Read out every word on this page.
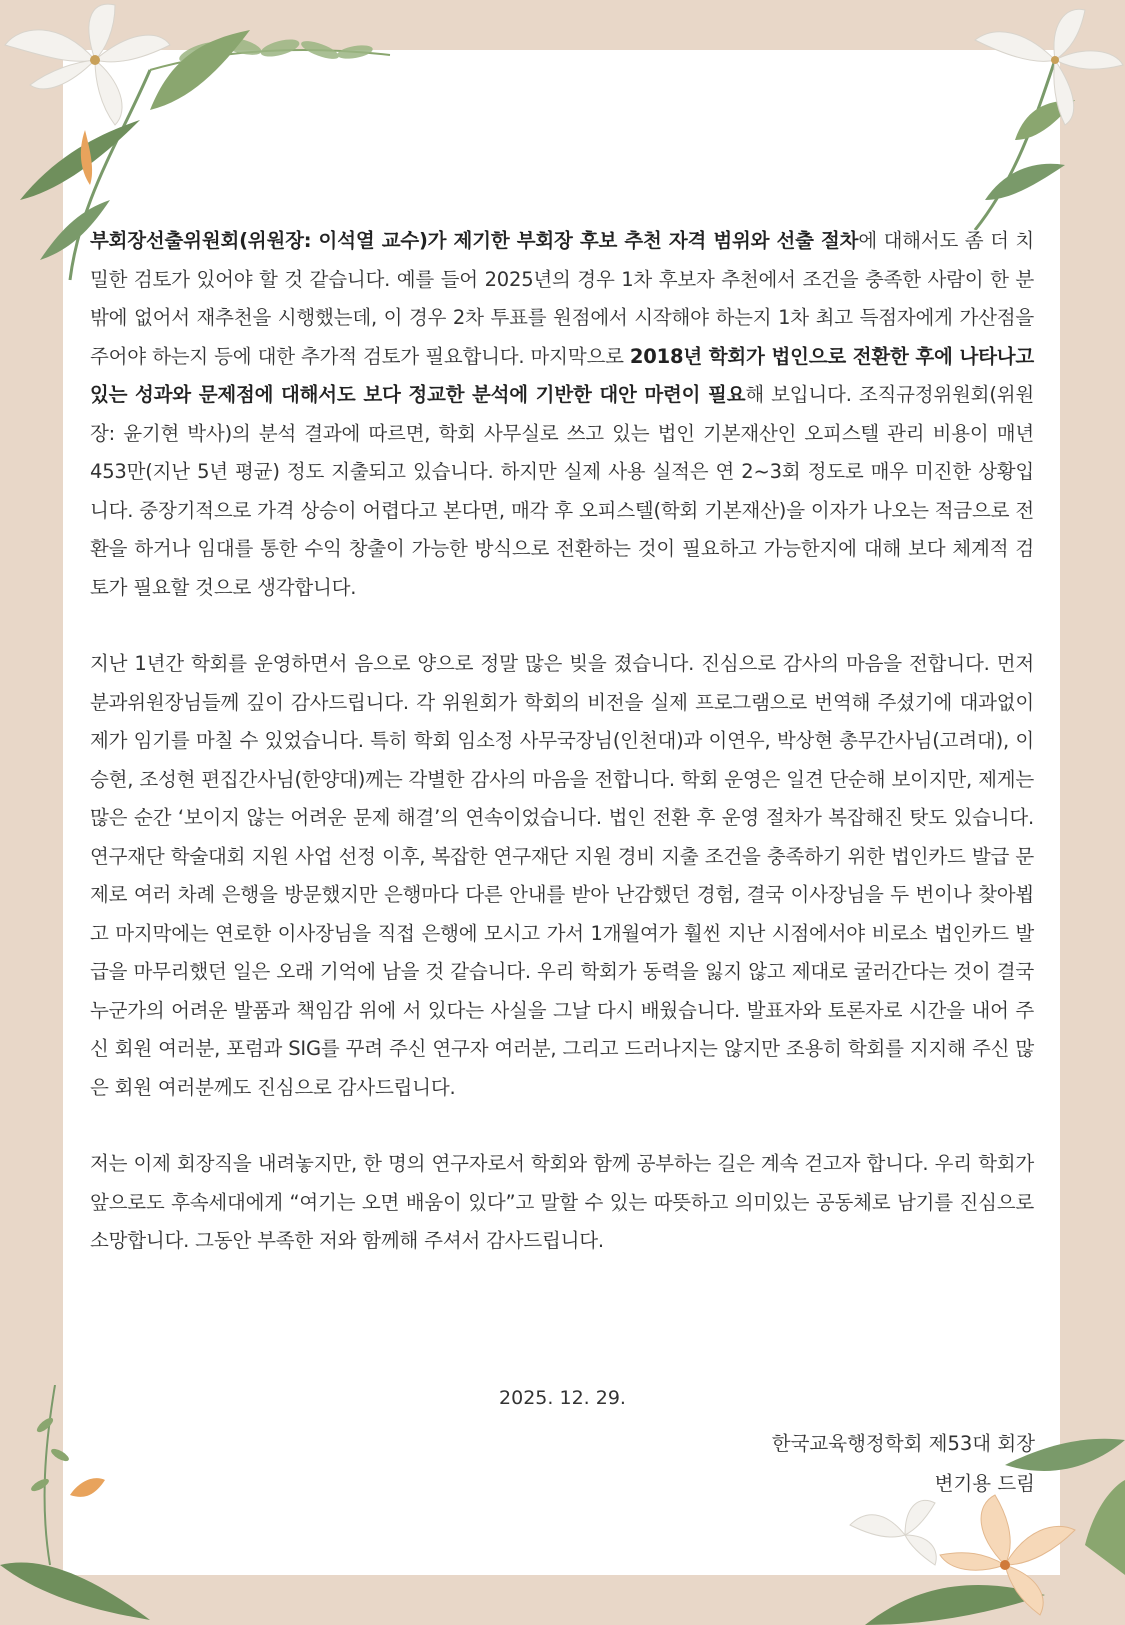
부회장선출위원회(위원장: 이석열 교수)가 제기한 부회장 후보 추천 자격 범위와 선출 절차에 대해서도 좀 더 치밀한 검토가 있어야 할 것 같습니다. 예를 들어 2025년의 경우 1차 후보자 추천에서 조건을 충족한 사람이 한 분밖에 없어서 재추천을 시행했는데, 이 경우 2차 투표를 원점에서 시작해야 하는지 1차 최고 득점자에게 가산점을 주어야 하는지 등에 대한 추가적 검토가 필요합니다. 마지막으로 2018년 학회가 법인으로 전환한 후에 나타나고 있는 성과와 문제점에 대해서도 보다 정교한 분석에 기반한 대안 마련이 필요해 보입니다. 조직규정위원회(위원장: 윤기현 박사)의 분석 결과에 따르면, 학회 사무실로 쓰고 있는 법인 기본재산인 오피스텔 관리 비용이 매년 453만(지난 5년 평균) 정도 지출되고 있습니다. 하지만 실제 사용 실적은 연 2~3회 정도로 매우 미진한 상황입니다. 중장기적으로 가격 상승이 어렵다고 본다면, 매각 후 오피스텔(학회 기본재산)을 이자가 나오는 적금으로 전환을 하거나 임대를 통한 수익 창출이 가능한 방식으로 전환하는 것이 필요하고 가능한지에 대해 보다 체계적 검토가 필요할 것으로 생각합니다.

지난 1년간 학회를 운영하면서 음으로 양으로 정말 많은 빚을 졌습니다. 진심으로 감사의 마음을 전합니다. 먼저 분과위원장님들께 깊이 감사드립니다. 각 위원회가 학회의 비전을 실제 프로그램으로 번역해 주셨기에 대과없이 제가 임기를 마칠 수 있었습니다. 특히 학회 임소정 사무국장님(인천대)과 이연우, 박상현 총무간사님(고려대), 이승현, 조성현 편집간사님(한양대)께는 각별한 감사의 마음을 전합니다. 학회 운영은 일견 단순해 보이지만, 제게는 많은 순간 ‘보이지 않는 어려운 문제 해결’의 연속이었습니다. 법인 전환 후 운영 절차가 복잡해진 탓도 있습니다. 연구재단 학술대회 지원 사업 선정 이후, 복잡한 연구재단 지원 경비 지출 조건을 충족하기 위한 법인카드 발급 문제로 여러 차례 은행을 방문했지만 은행마다 다른 안내를 받아 난감했던 경험, 결국 이사장님을 두 번이나 찾아뵙고 마지막에는 연로한 이사장님을 직접 은행에 모시고 가서 1개월여가 훨씬 지난 시점에서야 비로소 법인카드 발급을 마무리했던 일은 오래 기억에 남을 것 같습니다. 우리 학회가 동력을 잃지 않고 제대로 굴러간다는 것이 결국 누군가의 어려운 발품과 책임감 위에 서 있다는 사실을 그날 다시 배웠습니다. 발표자와 토론자로 시간을 내어 주신 회원 여러분, 포럼과 SIG를 꾸려 주신 연구자 여러분, 그리고 드러나지는 않지만 조용히 학회를 지지해 주신 많은 회원 여러분께도 진심으로 감사드립니다.

저는 이제 회장직을 내려놓지만, 한 명의 연구자로서 학회와 함께 공부하는 길은 계속 걷고자 합니다. 우리 학회가 앞으로도 후속세대에게 “여기는 오면 배움이 있다”고 말할 수 있는 따뜻하고 의미있는 공동체로 남기를 진심으로 소망합니다. 그동안 부족한 저와 함께해 주셔서 감사드립니다.

2025. 12. 29.
한국교육행정학회 제53대 회장
변기용 드림
